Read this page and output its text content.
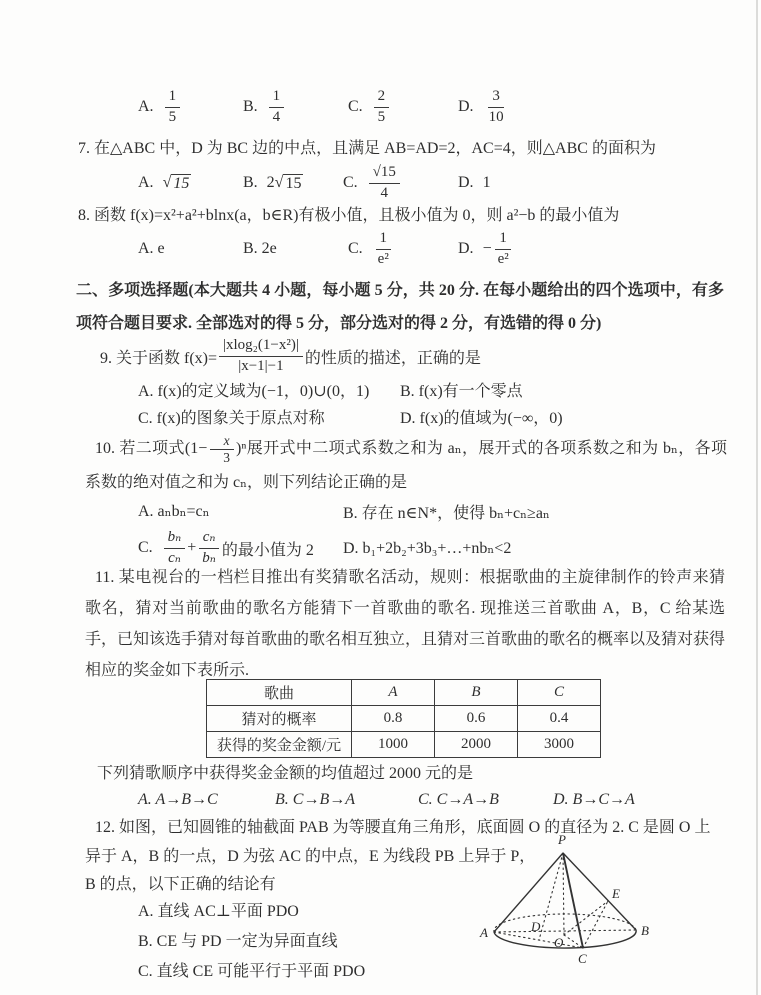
A. $\frac{1}{5}$	B. $\frac{1}{4}$	C. $\frac{2}{5}$	D. $\frac{3}{10}$
7. 在△ABC 中，D 为 BC 边的中点，且满足 AB=AD=2，AC=4，则△ABC 的面积为
A. √ 15	B. 2 √ 15	C. $\frac{√15}{4}$	D. 1
8. 函数 f(x)=x²+a²+blnx(a，b∈R)有极小值，且极小值为 0，则 a²−b 的最小值为
A. e	B. 2e	C. $\frac{1}{\text{e²}}$	D. − $\frac{1}{\text{e²}}$
二、多项选择题(本大题共 4 小题，每小题 5 分，共 20 分. 在每小题给出的四个选项中，有多项符合题目要求. 全部选对的得 5 分，部分选对的得 2 分，有选错的得 0 分)
9. 关于函数 $f(x)= \frac{\text{|xlog₂(1−x²)|}}{|x-1|-1}$ 的性质的描述，正确的是
A. f(x)的定义域为(−1，0)∪(0，1)	B. f(x)有一个零点
C. f(x)的图象关于原点对称	D. f(x)的值域为(−∞，0)
10. 若二项式$(1- \frac{x}{3} )^n$展开式中二项式系数之和为 aₙ，展开式的各项系数之和为 bₙ，各项系数的绝对值之和为 cₙ，则下列结论正确的是
A. aₙbₙ=cₙ	B. 存在 n∈N*，使得 bₙ+cₙ≥aₙ
C. $\frac{\text{bₙ}}{\text{cₙ}} + \frac{\text{cₙ}}{\text{bₙ}}$ 的最小值为 2 D. b₁+2b₂+3b₃+…+nbₙ<2
11. 某电视台的一档栏目推出有奖猜歌名活动，规则：根据歌曲的主旋律制作的铃声来猜歌名，猜对当前歌曲的歌名方能猜下一首歌曲的歌名. 现推送三首歌曲 A，B，C 给某选手，已知该选手猜对每首歌曲的歌名相互独立，且猜对三首歌曲的歌名的概率以及猜对获得相应的奖金如下表所示.
歌曲	A	B	C
猜对的概率	0.8	0.6	0.4
获得的奖金金额/元	1000	2000	3000
下列猜歌顺序中获得奖金金额的均值超过 2000 元的是
A. A→B→C	B. C→B→A	C. C→A→B	D. B→C→A
12. 如图，已知圆锥的轴截面 PAB 为等腰直角三角形，底面圆 O 的直径为 2. C 是圆 O 上
异于 A，B 的一点，D 为弦 AC 的中点，E 为线段 PB 上异于 P，
B 的点，以下正确的结论有
A. 直线 AC⊥平面 PDO
B. CE 与 PD 一定为异面直线
C. 直线 CE 可能平行于平面 PDO
P
A	B
C
D
O
E
